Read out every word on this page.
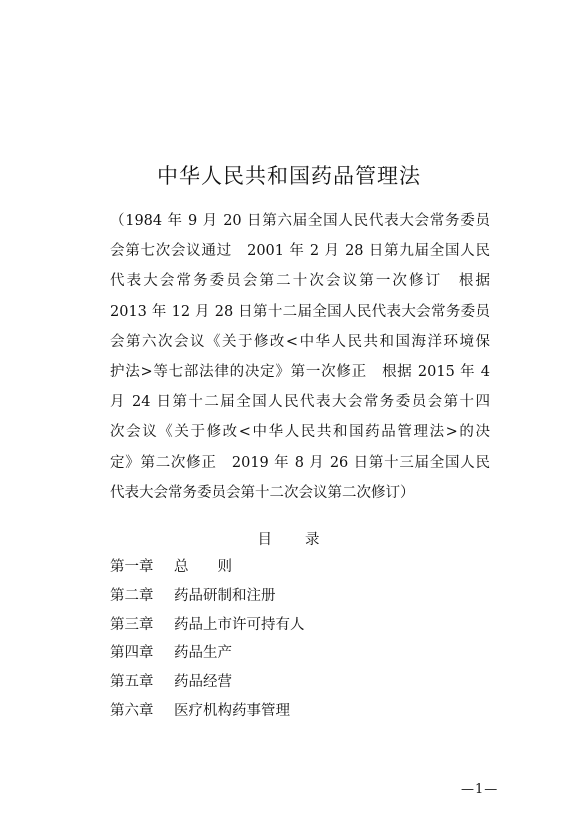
中华人民共和国药品管理法
（1984 年 9 月 20 日第六届全国人民代表大会常务委员
会第七次会议通过　2001 年 2 月 28 日第九届全国人民
代表大会常务委员会第二十次会议第一次修订　根据
2013 年 12 月 28 日第十二届全国人民代表大会常务委员
会第六次会议《关于修改<中华人民共和国海洋环境保
护法>等七部法律的决定》第一次修正　根据 2015 年 4
月 24 日第十二届全国人民代表大会常务委员会第十四
次会议《关于修改<中华人民共和国药品管理法>的决
定》第二次修正　2019 年 8 月 26 日第十三届全国人民
代表大会常务委员会第十二次会议第二次修订）
目 录
第一章 总　　则
第二章 药品研制和注册
第三章 药品上市许可持有人
第四章 药品生产
第五章 药品经营
第六章 医疗机构药事管理
—1—
